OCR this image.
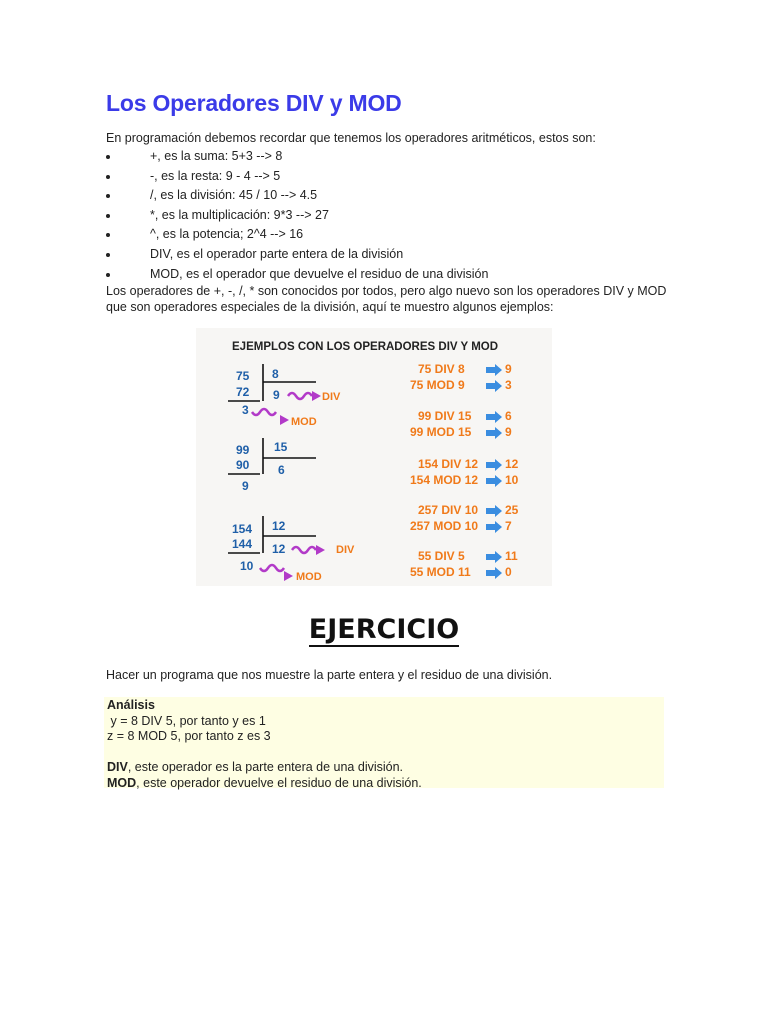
Los Operadores DIV y MOD
En programación debemos recordar que tenemos los operadores aritméticos, estos son:
+, es la suma: 5+3 --> 8
-, es la resta: 9 - 4 --> 5
/, es la división: 45 / 10 --> 4.5
*, es la multiplicación: 9*3 --> 27
^, es la potencia; 2^4 --> 16
DIV, es el operador parte entera de la división
MOD, es el operador que devuelve el residuo de una división
Los operadores de +, -, /, * son conocidos por todos, pero algo nuevo son los operadores DIV y MOD que son operadores especiales de la división, aquí te muestro algunos ejemplos:
EJEMPLOS CON LOS OPERADORES DIV Y MOD
75
72
8
9	DIV
3
MOD
99
90
15
6
9
154
144
12
12	DIV
10
MOD
75 DIV 8	9
75 MOD 9	3
99 DIV 15	6
99 MOD 15	9
154 DIV 12 12
154 MOD 12 10
257 DIV 10 25
257 MOD 10 7
55 DIV 5	11
55 MOD 11	0
EJERCICIO
Hacer un programa que nos muestre la parte entera y el residuo de una división.
Análisis
y = 8 DIV 5, por tanto y es 1
z = 8 MOD 5, por tanto z es 3

DIV, este operador es la parte entera de una división.
MOD, este operador devuelve el residuo de una división.
